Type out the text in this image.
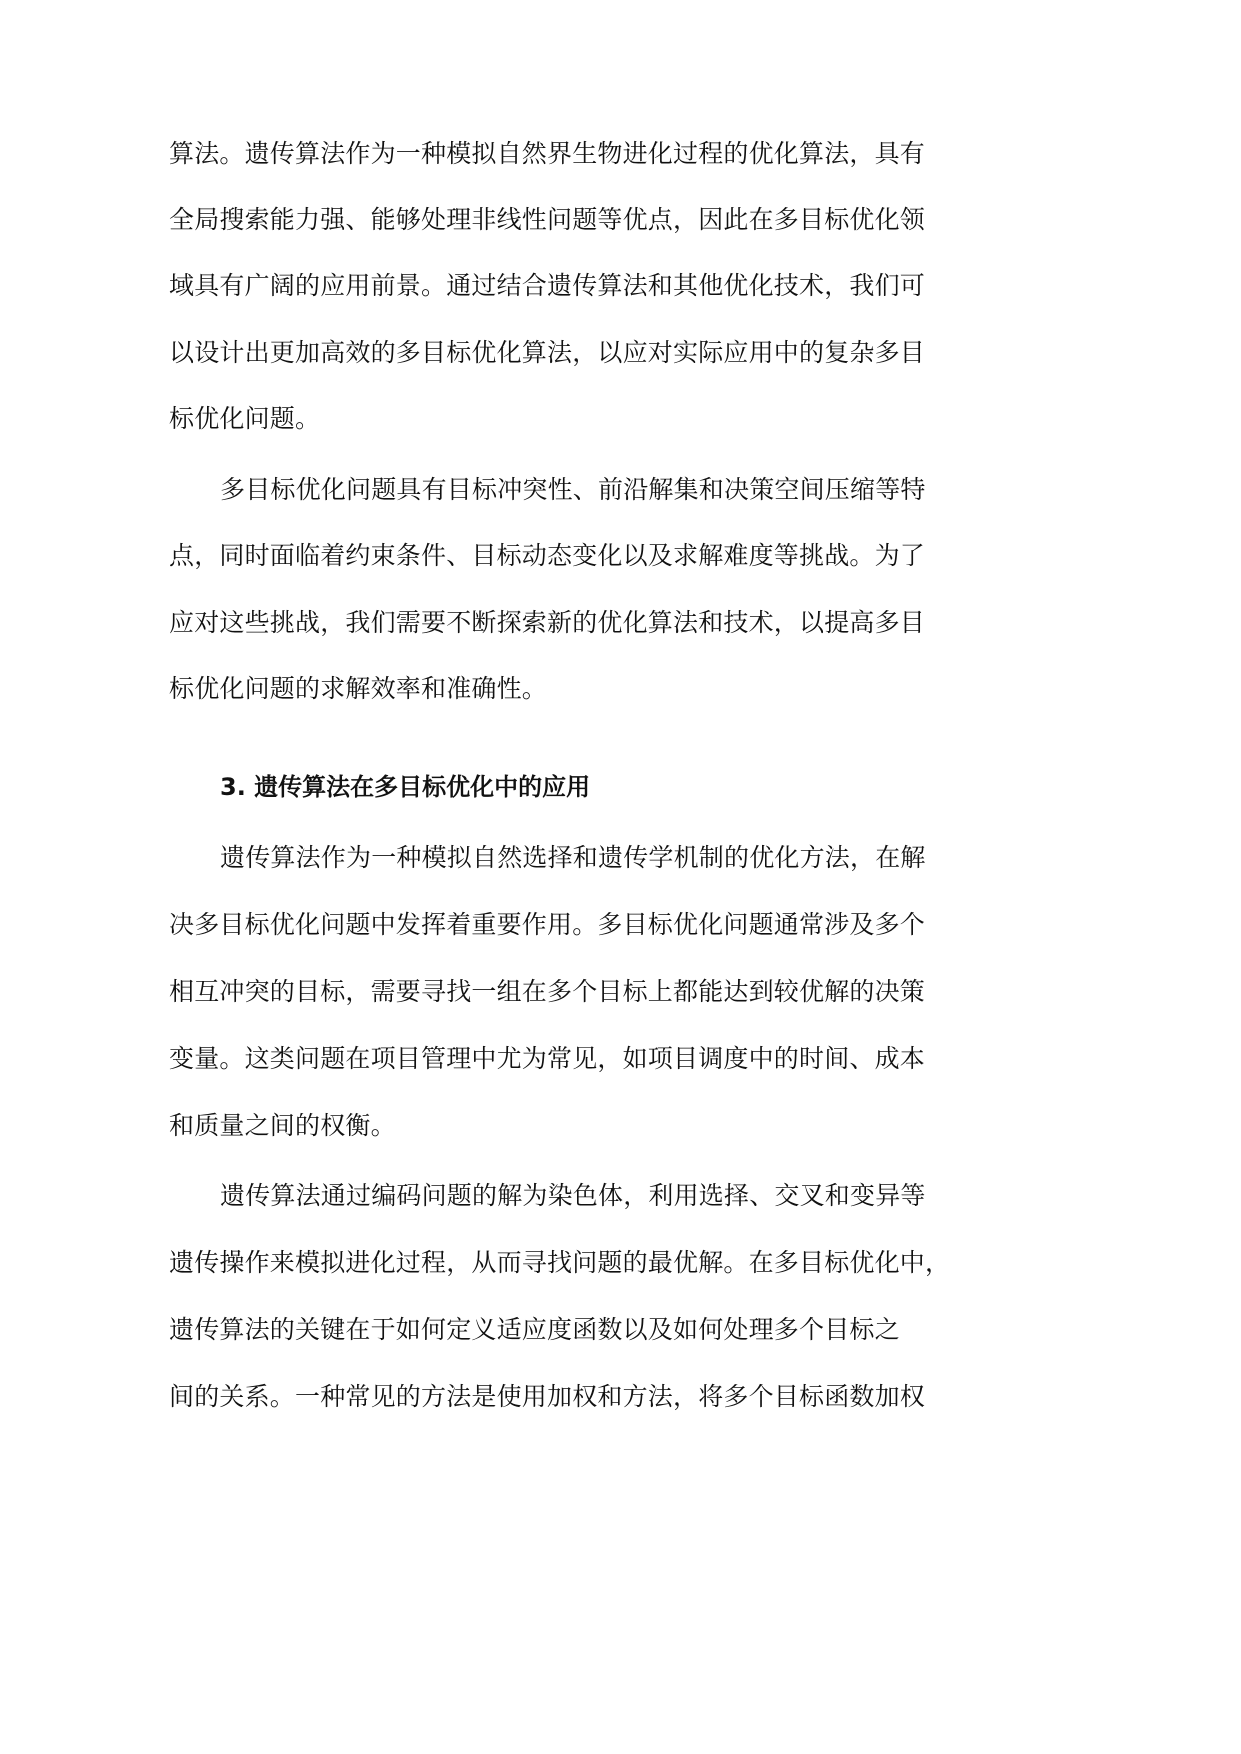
算法。遗传算法作为一种模拟自然界生物进化过程的优化算法，具有

全局搜索能力强、能够处理非线性问题等优点，因此在多目标优化领

域具有广阔的应用前景。通过结合遗传算法和其他优化技术，我们可

以设计出更加高效的多目标优化算法，以应对实际应用中的复杂多目

标优化问题。

多目标优化问题具有目标冲突性、前沿解集和决策空间压缩等特

点，同时面临着约束条件、目标动态变化以及求解难度等挑战。为了

应对这些挑战，我们需要不断探索新的优化算法和技术，以提高多目

标优化问题的求解效率和准确性。

3. 遗传算法在多目标优化中的应用

遗传算法作为一种模拟自然选择和遗传学机制的优化方法，在解

决多目标优化问题中发挥着重要作用。多目标优化问题通常涉及多个

相互冲突的目标，需要寻找一组在多个目标上都能达到较优解的决策

变量。这类问题在项目管理中尤为常见，如项目调度中的时间、成本

和质量之间的权衡。

遗传算法通过编码问题的解为染色体，利用选择、交叉和变异等

遗传操作来模拟进化过程，从而寻找问题的最优解。在多目标优化中，

遗传算法的关键在于如何定义适应度函数以及如何处理多个目标之

间的关系。一种常见的方法是使用加权和方法，将多个目标函数加权
